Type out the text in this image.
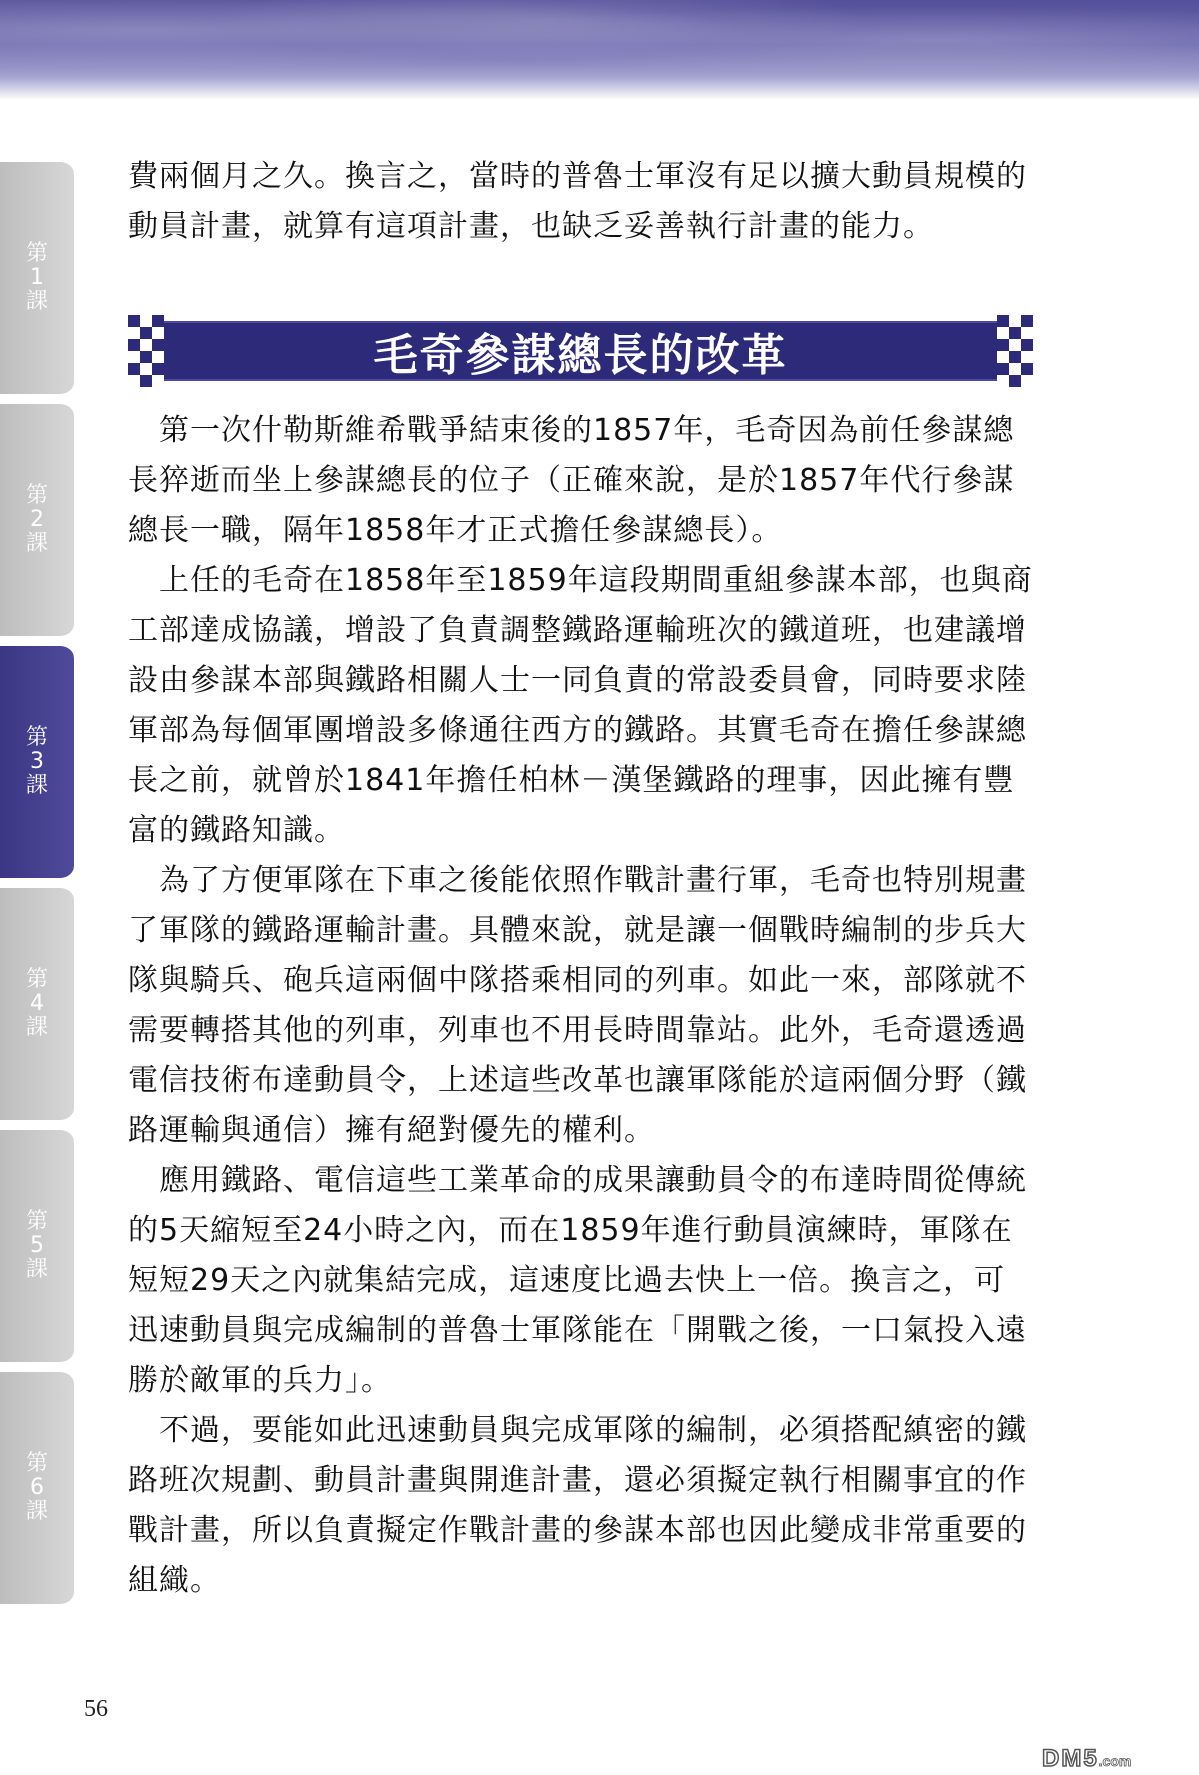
第
1
課
第
2
課
第
3
課
第
4
課
第
5
課
第
6
課

費兩個月之久。換言之，當時的普魯士軍沒有足以擴大動員規模的動員計畫，就算有這項計畫，也缺乏妥善執行計畫的能力。

毛奇參謀總長的改革

第一次什勒斯維希戰爭結束後的1857年，毛奇因為前任參謀總長猝逝而坐上參謀總長的位子（正確來說，是於1857年代行參謀總長一職，隔年1858年才正式擔任參謀總長）。

上任的毛奇在1858年至1859年這段期間重組參謀本部，也與商工部達成協議，增設了負責調整鐵路運輸班次的鐵道班，也建議增設由參謀本部與鐵路相關人士一同負責的常設委員會，同時要求陸軍部為每個軍團增設多條通往西方的鐵路。其實毛奇在擔任參謀總長之前，就曾於1841年擔任柏林－漢堡鐵路的理事，因此擁有豐富的鐵路知識。

為了方便軍隊在下車之後能依照作戰計畫行軍，毛奇也特別規畫了軍隊的鐵路運輸計畫。具體來說，就是讓一個戰時編制的步兵大隊與騎兵、砲兵這兩個中隊搭乘相同的列車。如此一來，部隊就不需要轉搭其他的列車，列車也不用長時間靠站。此外，毛奇還透過電信技術布達動員令，上述這些改革也讓軍隊能於這兩個分野（鐵路運輸與通信）擁有絕對優先的權利。

應用鐵路、電信這些工業革命的成果讓動員令的布達時間從傳統的5天縮短至24小時之內，而在1859年進行動員演練時，軍隊在短短29天之內就集結完成，這速度比過去快上一倍。換言之，可迅速動員與完成編制的普魯士軍隊能在「開戰之後，一口氣投入遠勝於敵軍的兵力」。

不過，要能如此迅速動員與完成軍隊的編制，必須搭配縝密的鐵路班次規劃、動員計畫與開進計畫，還必須擬定執行相關事宜的作戰計畫，所以負責擬定作戰計畫的參謀本部也因此變成非常重要的組織。

56
DM5.com
